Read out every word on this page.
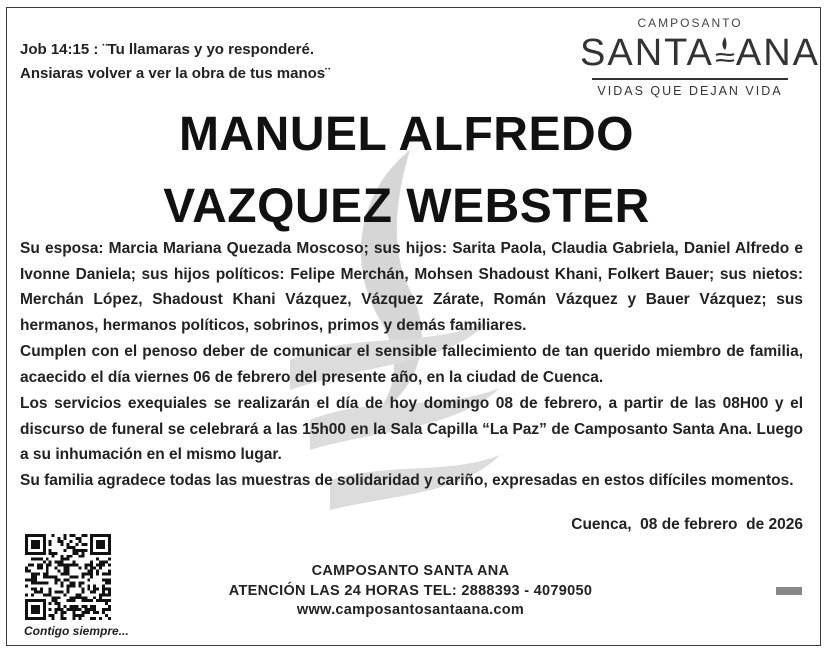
Job 14:15 : ¨Tu llamaras y yo responderé.
Ansiaras volver a ver la obra de tus manos¨
CAMPOSANTO
SANTA ANA
VIDAS QUE DEJAN VIDA
MANUEL ALFREDO
VAZQUEZ WEBSTER
Su esposa: Marcia Mariana Quezada Moscoso; sus hijos: Sarita Paola, Claudia Gabriela, Daniel Alfredo e Ivonne Daniela; sus hijos políticos: Felipe Merchán, Mohsen Shadoust Khani, Folkert Bauer; sus nietos: Merchán López, Shadoust Khani Vázquez, Vázquez Zárate, Román Vázquez y Bauer Vázquez; sus hermanos, hermanos políticos, sobrinos, primos y demás familiares.
Cumplen con el penoso deber de comunicar el sensible fallecimiento de tan querido miembro de familia, acaecido el día viernes 06 de febrero del presente año, en la ciudad de Cuenca.
Los servicios exequiales se realizarán el día de hoy domingo 08 de febrero, a partir de las 08H00 y el discurso de funeral se celebrará a las 15h00 en la Sala Capilla “La Paz” de Camposanto Santa Ana. Luego a su inhumación en el mismo lugar.
Su familia agradece todas las muestras de solidaridad y cariño, expresadas en estos difíciles momentos.
Cuenca,  08 de febrero  de 2026
Contigo siempre...
CAMPOSANTO SANTA ANA
ATENCIÓN LAS 24 HORAS TEL: 2888393 - 4079050
www.camposantosantaana.com
